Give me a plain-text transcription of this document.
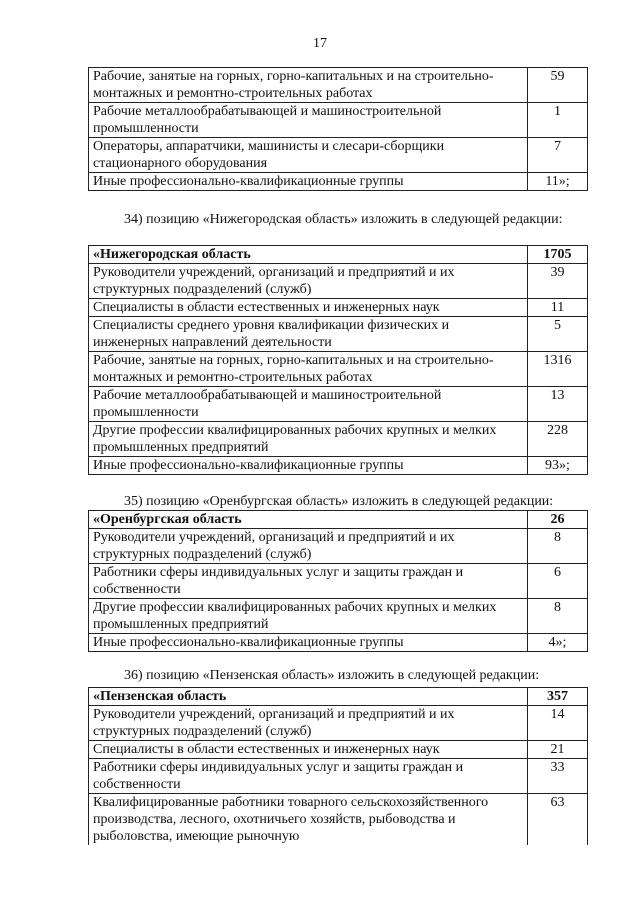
17
Рабочие, занятые на горных, горно-капитальных и на строительно-монтажных и ремонтно-строительных работах	59
Рабочие металлообрабатывающей и машиностроительной промышленности	1
Операторы, аппаратчики, машинисты и слесари-сборщики стационарного оборудования	7
Иные профессионально-квалификационные группы	11»;
34) позицию «Нижегородская область» изложить в следующей редакции:
«Нижегородская область	1705
Руководители учреждений, организаций и предприятий и их структурных подразделений (служб)	39
Специалисты в области естественных и инженерных наук	11
Специалисты среднего уровня квалификации физических и инженерных направлений деятельности	5
Рабочие, занятые на горных, горно-капитальных и на строительно-монтажных и ремонтно-строительных работах	1316
Рабочие металлообрабатывающей и машиностроительной промышленности	13
Другие профессии квалифицированных рабочих крупных и мелких промышленных предприятий	228
Иные профессионально-квалификационные группы	93»;
35) позицию «Оренбургская область» изложить в следующей редакции:
«Оренбургская область	26
Руководители учреждений, организаций и предприятий и их структурных подразделений (служб)	8
Работники сферы индивидуальных услуг и защиты граждан и собственности	6
Другие профессии квалифицированных рабочих крупных и мелких промышленных предприятий	8
Иные профессионально-квалификационные группы	4»;
36) позицию «Пензенская область» изложить в следующей редакции:
«Пензенская область	357
Руководители учреждений, организаций и предприятий и их структурных подразделений (служб)	14
Специалисты в области естественных и инженерных наук	21
Работники сферы индивидуальных услуг и защиты граждан и собственности	33
Квалифицированные работники товарного сельскохозяйственного производства, лесного, охотничьего хозяйств, рыбоводства и рыболовства, имеющие рыночную	63
